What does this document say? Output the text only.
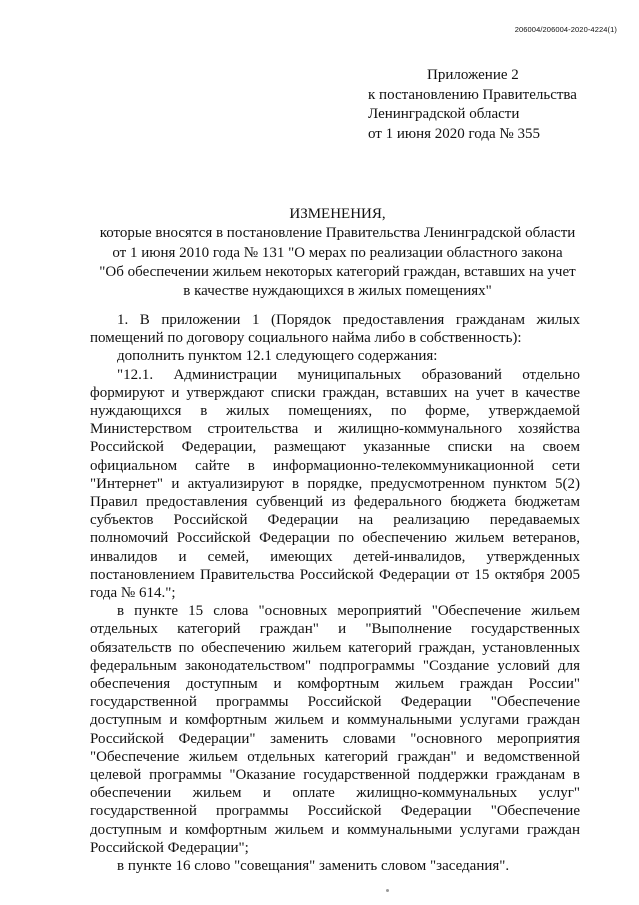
206004/206004-2020-4224(1)
Приложение 2
к постановлению Правительства
Ленинградской области
от 1 июня 2020 года № 355
ИЗМЕНЕНИЯ,
которые вносятся в постановление Правительства Ленинградской области
от 1 июня 2010 года № 131 "О мерах по реализации областного закона
"Об обеспечении жильем некоторых категорий граждан, вставших на учет
в качестве нуждающихся в жилых помещениях"

1. В приложении 1 (Порядок предоставления гражданам жилых помещений по договору социального найма либо в собственность):

дополнить пунктом 12.1 следующего содержания:

"12.1. Администрации муниципальных образований отдельно формируют и утверждают списки граждан, вставших на учет в качестве нуждающихся в жилых помещениях, по форме, утверждаемой Министерством строительства и жилищно-коммунального хозяйства Российской Федерации, размещают указанные списки на своем официальном сайте в информационно-телекоммуникационной сети "Интернет" и актуализируют в порядке, предусмотренном пунктом 5(2) Правил предоставления субвенций из федерального бюджета бюджетам субъектов Российской Федерации на реализацию передаваемых полномочий Российской Федерации по обеспечению жильем ветеранов, инвалидов и семей, имеющих детей-инвалидов, утвержденных постановлением Правительства Российской Федерации от 15 октября 2005 года № 614.";

в пункте 15 слова "основных мероприятий "Обеспечение жильем отдельных категорий граждан" и "Выполнение государственных обязательств по обеспечению жильем категорий граждан, установленных федеральным законодательством" подпрограммы "Создание условий для обеспечения доступным и комфортным жильем граждан России" государственной программы Российской Федерации "Обеспечение доступным и комфортным жильем и коммунальными услугами граждан Российской Федерации" заменить словами "основного мероприятия "Обеспечение жильем отдельных категорий граждан" и ведомственной целевой программы "Оказание государственной поддержки гражданам в обеспечении жильем и оплате жилищно-коммунальных услуг" государственной программы Российской Федерации "Обеспечение доступным и комфортным жильем и коммунальными услугами граждан Российской Федерации";

в пункте 16 слово "совещания" заменить словом "заседания".
